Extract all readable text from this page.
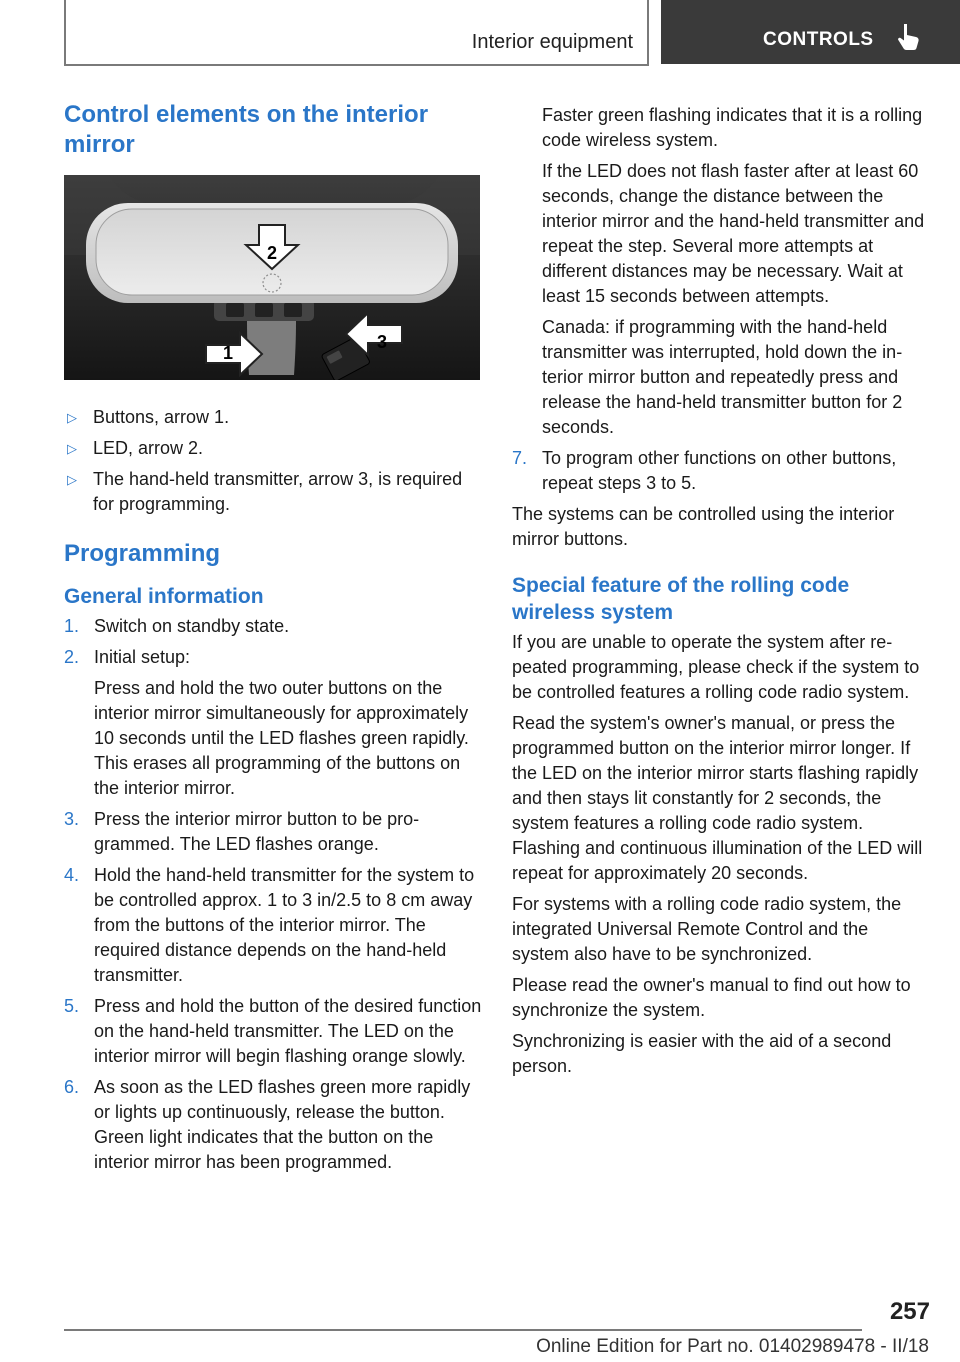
Interior equipment	CONTROLS
Control elements on the interior mirror
2
1
3
▷ Buttons, arrow 1.
▷ LED, arrow 2.
▷ The hand-held transmitter, arrow 3, is required for programming.
Programming
General information
1. Switch on standby state.
2. Initial setup:
Press and hold the two outer buttons on the interior mirror simultaneously for approximately 10 seconds until the LED flashes green rapidly. This erases all programming of the buttons on the interior mirror.
3. Press the interior mirror button to be programmed. The LED flashes orange.
4. Hold the hand-held transmitter for the system to be controlled approx. 1 to 3 in/2.5 to 8 cm away from the buttons of the interior mirror. The required distance depends on the hand-held transmitter.
5. Press and hold the button of the desired function on the hand-held transmitter. The LED on the interior mirror will begin flashing orange slowly.
6. As soon as the LED flashes green more rapidly or lights up continuously, release the button. Green light indicates that the button on the interior mirror has been programmed.
Faster green flashing indicates that it is a rolling code wireless system.
If the LED does not flash faster after at least 60 seconds, change the distance between the interior mirror and the hand-held transmitter and repeat the step. Several more attempts at different distances may be necessary. Wait at least 15 seconds between attempts.
Canada: if programming with the hand-held transmitter was interrupted, hold down the interior mirror button and repeatedly press and release the hand-held transmitter button for 2 seconds.
7. To program other functions on other buttons, repeat steps 3 to 5.

The systems can be controlled using the interior mirror buttons.

Special feature of the rolling code wireless system

If you are unable to operate the system after repeated programming, please check if the system to be controlled features a rolling code radio system.

Read the system's owner's manual, or press the programmed button on the interior mirror longer. If the LED on the interior mirror starts flashing rapidly and then stays lit constantly for 2 seconds, the system features a rolling code radio system. Flashing and continuous illumination of the LED will repeat for approximately 20 seconds.

For systems with a rolling code radio system, the integrated Universal Remote Control and the system also have to be synchronized.

Please read the owner's manual to find out how to synchronize the system.

Synchronizing is easier with the aid of a second person.

257
Online Edition for Part no. 01402989478 - II/18
